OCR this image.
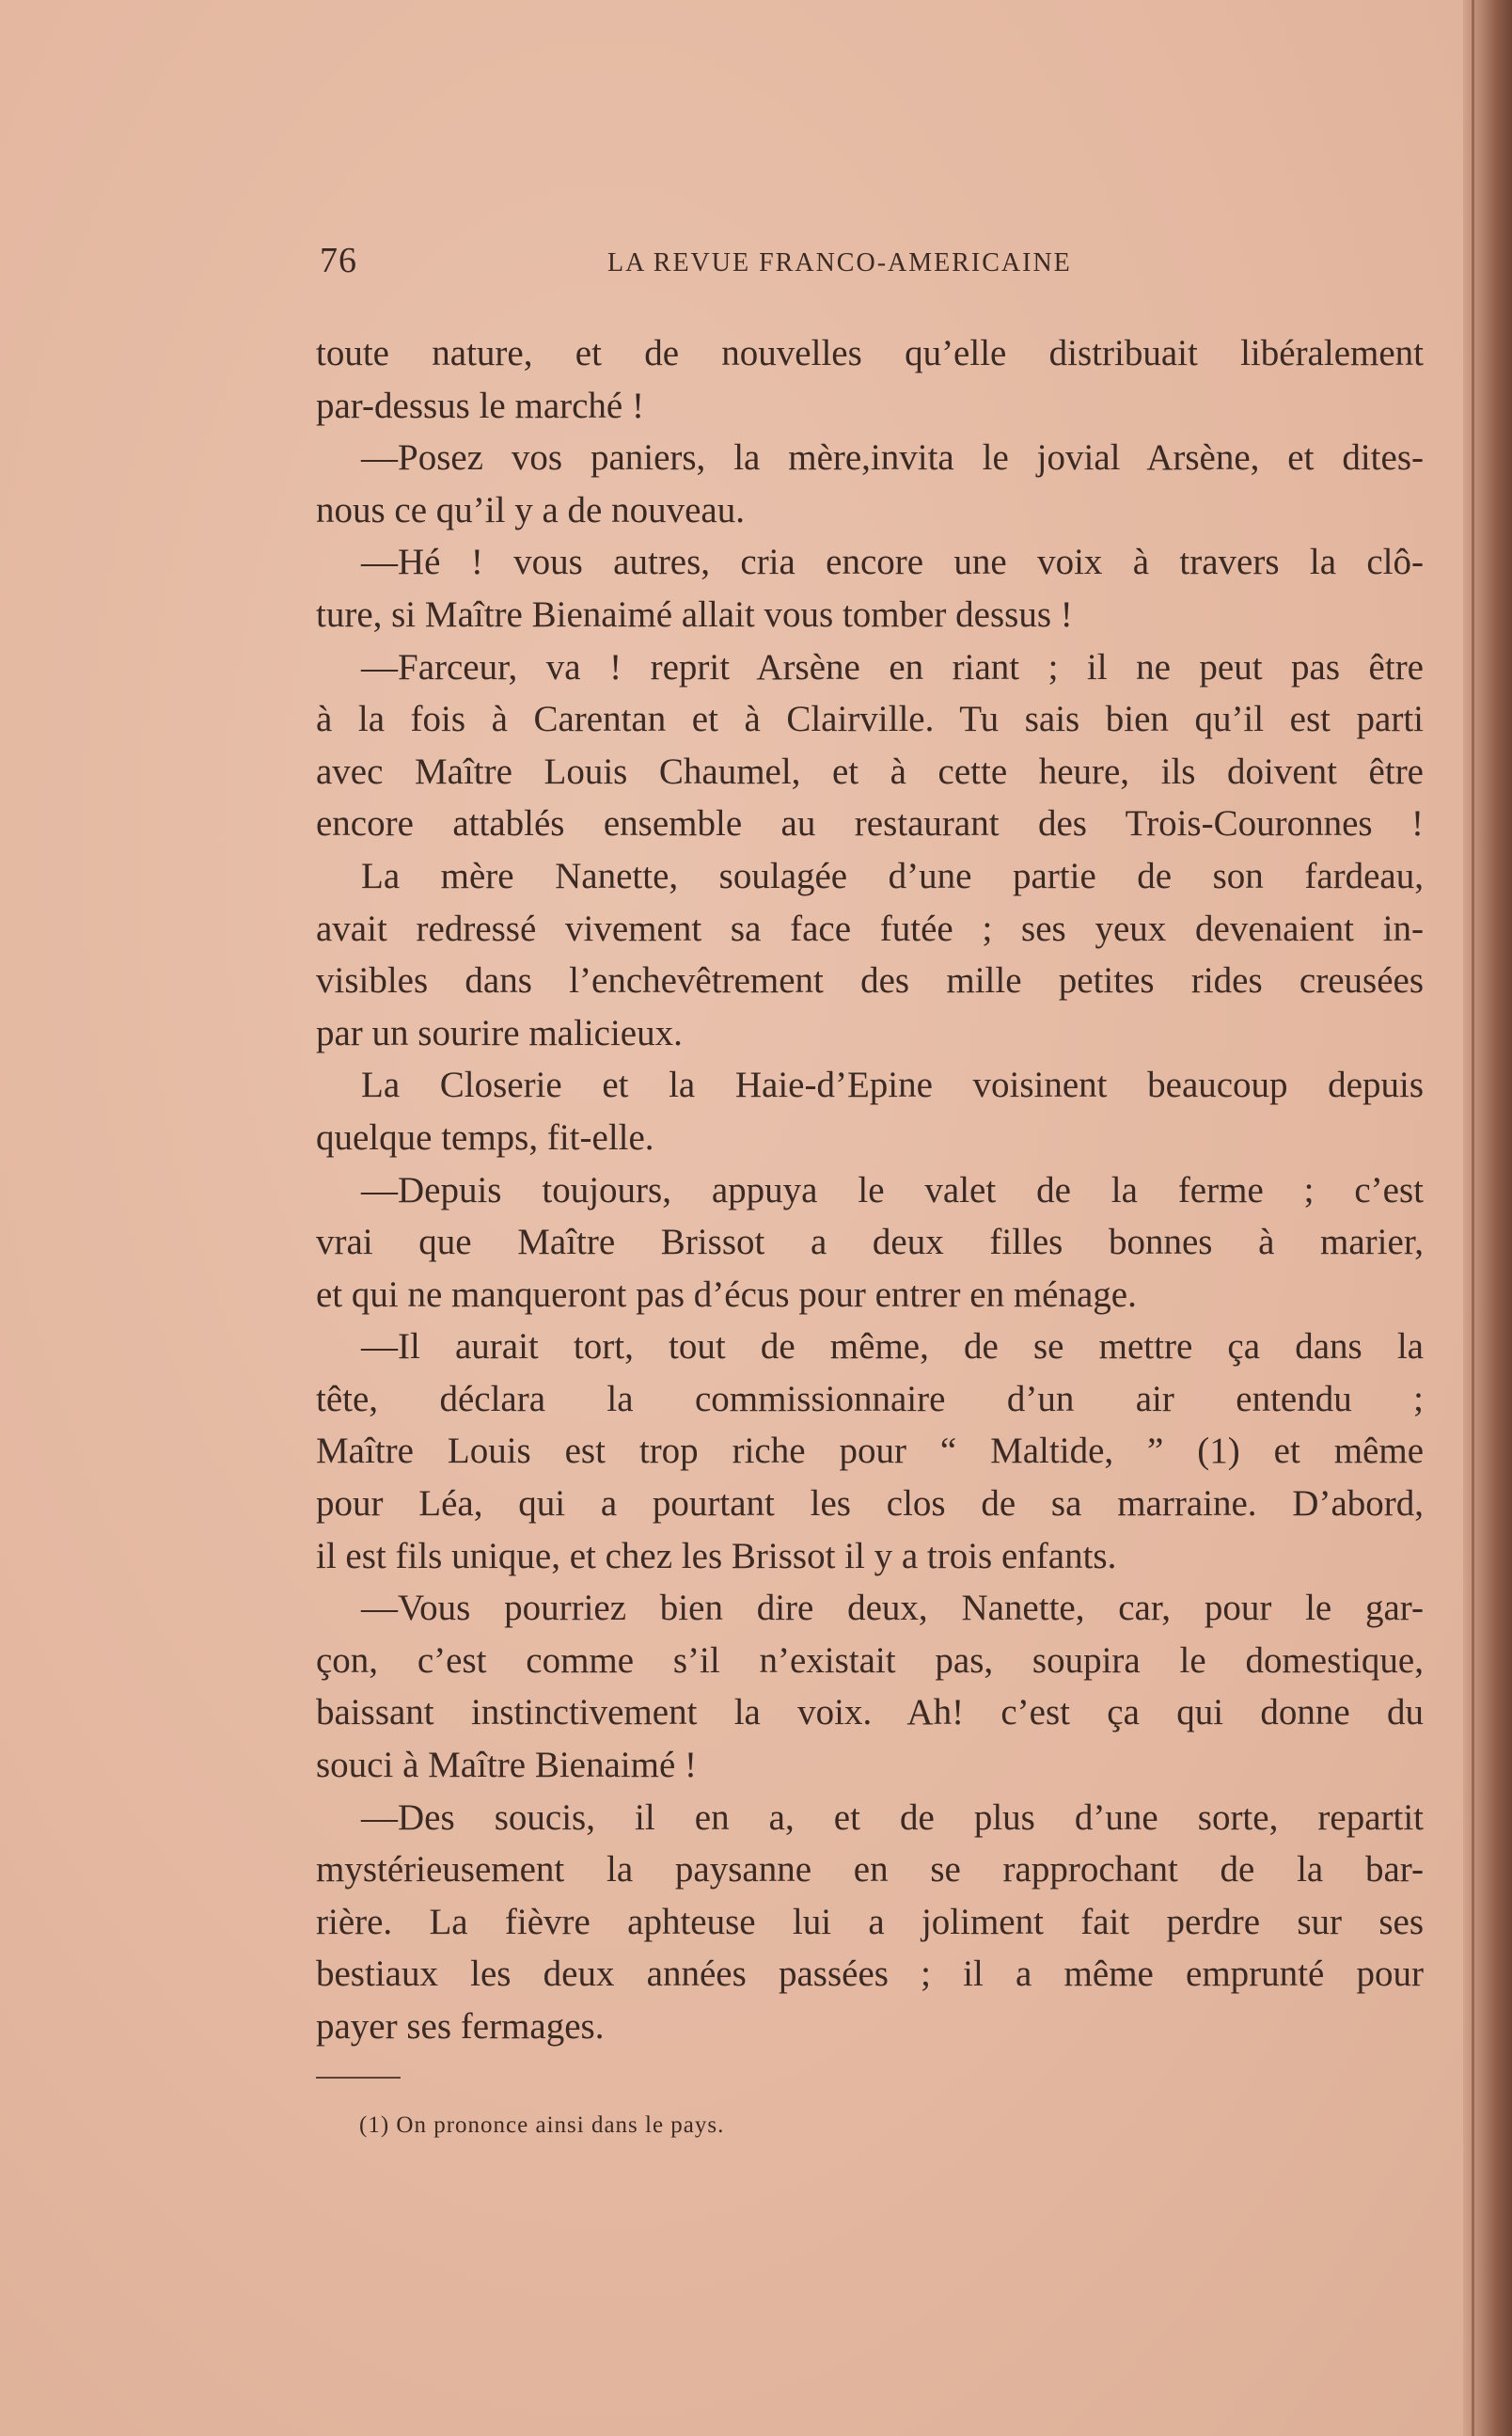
76	LA REVUE FRANCO-AMERICAINE
toute nature, et de nouvelles qu’elle distribuait libéralement
par-dessus le marché !
—Posez vos paniers, la mère,invita le jovial Arsène, et dites-
nous ce qu’il y a de nouveau.
—Hé ! vous autres, cria encore une voix à travers la clô-
ture, si Maître Bienaimé allait vous tomber dessus !
—Farceur, va ! reprit Arsène en riant ; il ne peut pas être
à la fois à Carentan et à Clairville. Tu sais bien qu’il est parti
avec Maître Louis Chaumel, et à cette heure, ils doivent être
encore attablés ensemble au restaurant des Trois-Couronnes !
La mère Nanette, soulagée d’une partie de son fardeau,
avait redressé vivement sa face futée ; ses yeux devenaient in-
visibles dans l’enchevêtrement des mille petites rides creusées
par un sourire malicieux.
La Closerie et la Haie-d’Epine voisinent beaucoup depuis
quelque temps, fit-elle.
—Depuis toujours, appuya le valet de la ferme ; c’est
vrai que Maître Brissot a deux filles bonnes à marier,
et qui ne manqueront pas d’écus pour entrer en ménage.
—Il aurait tort, tout de même, de se mettre ça dans la
tête, déclara la commissionnaire d’un air entendu ;
Maître Louis est trop riche pour “ Maltide, ” (1) et même
pour Léa, qui a pourtant les clos de sa marraine. D’abord,
il est fils unique, et chez les Brissot il y a trois enfants.
—Vous pourriez bien dire deux, Nanette, car, pour le gar-
çon, c’est comme s’il n’existait pas, soupira le domestique,
baissant instinctivement la voix. Ah! c’est ça qui donne du
souci à Maître Bienaimé !
—Des soucis, il en a, et de plus d’une sorte, repartit
mystérieusement la paysanne en se rapprochant de la bar-
rière. La fièvre aphteuse lui a joliment fait perdre sur ses
bestiaux les deux années passées ; il a même emprunté pour
payer ses fermages.
(1) On prononce ainsi dans le pays.
